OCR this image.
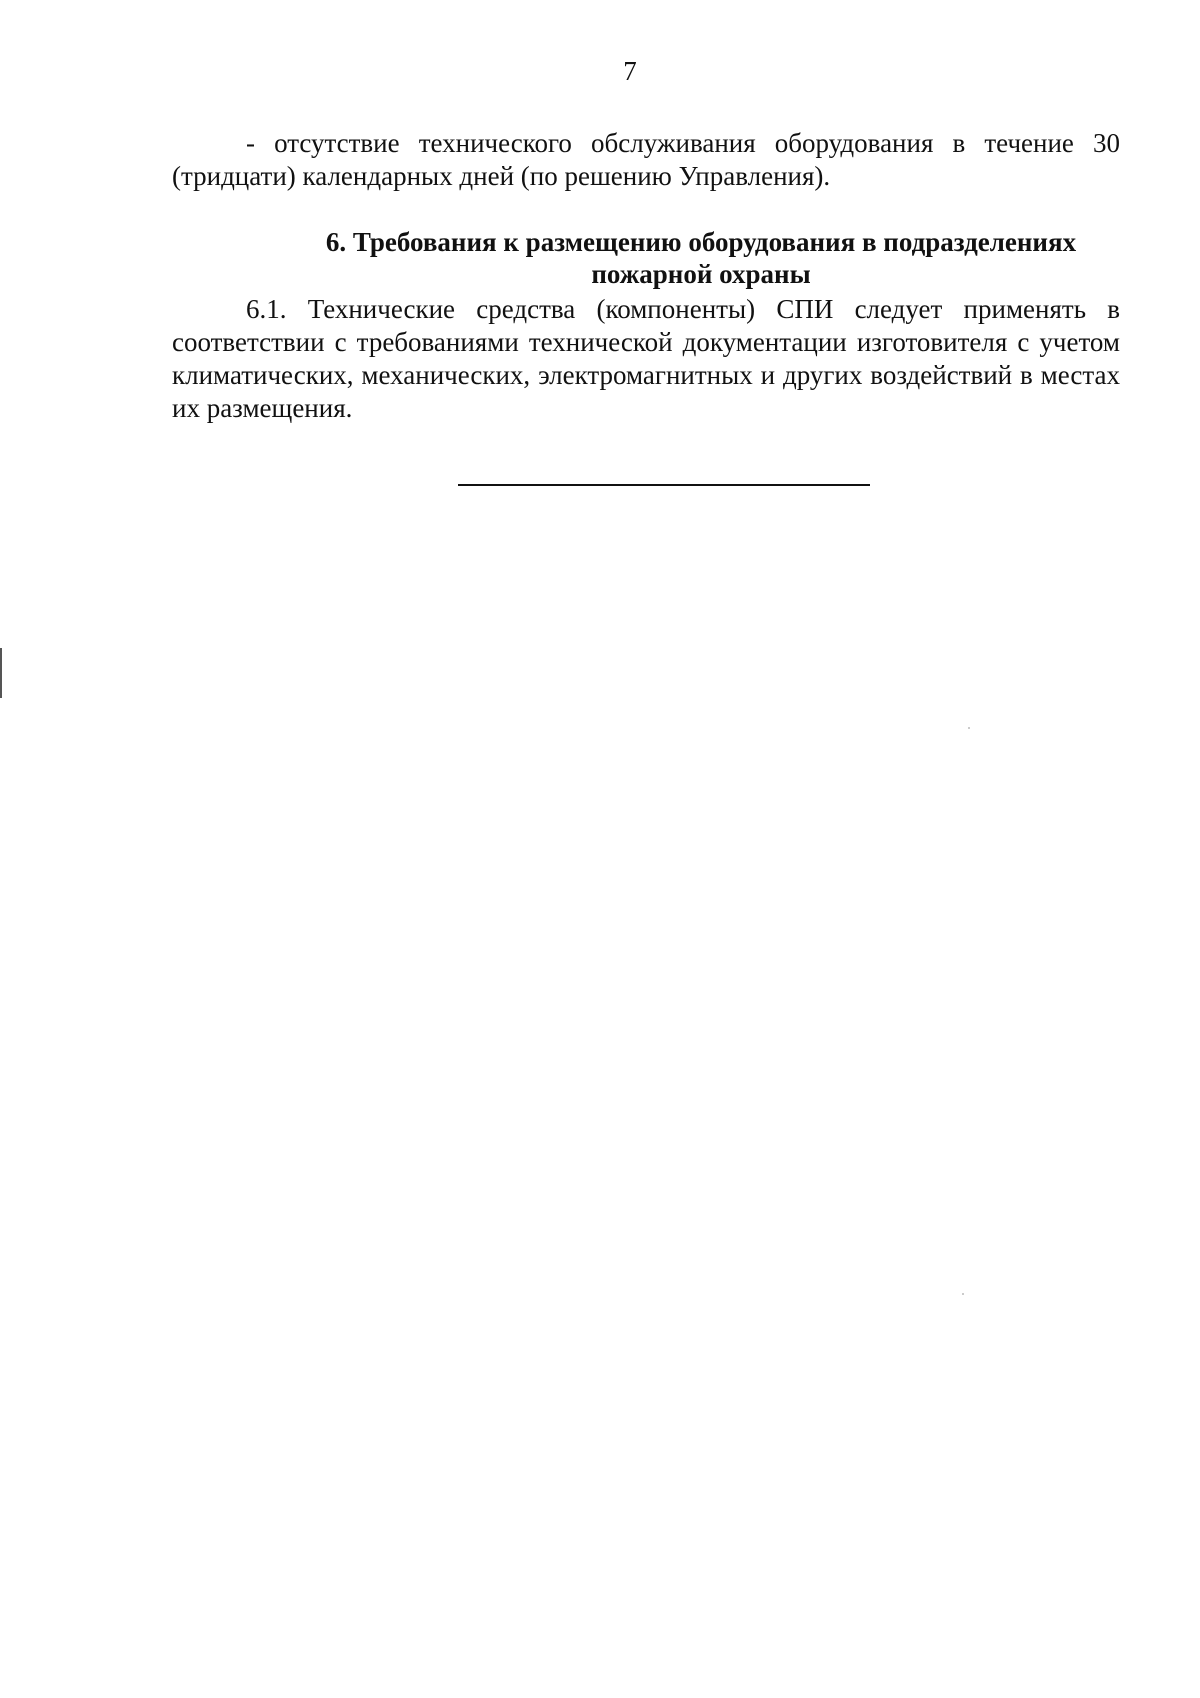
7
- отсутствие технического обслуживания оборудования в течение 30 (тридцати) календарных дней (по решению Управления).
6. Требования к размещению оборудования в подразделениях пожарной охраны
6.1. Технические средства (компоненты) СПИ следует применять в соответствии с требованиями технической документации изготовителя с учетом климатических, механических, электромагнитных и других воздействий в местах их размещения.
